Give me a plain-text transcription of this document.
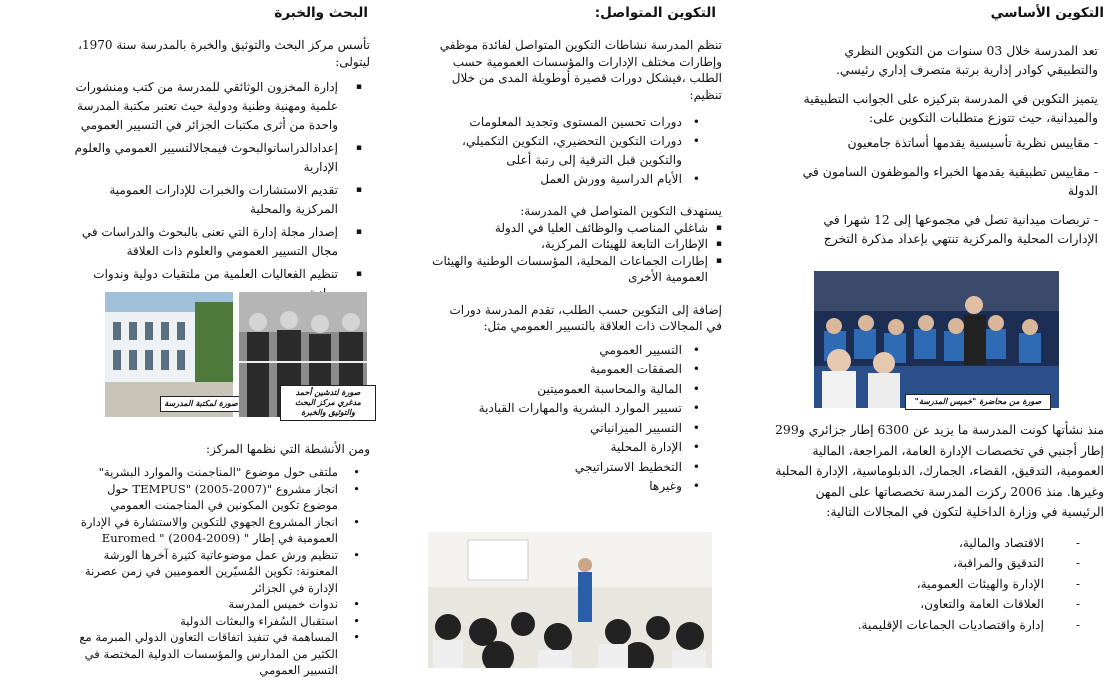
التكوين الأساسي

تعد المدرسة خلال 03 سنوات من التكوين النظري والتطبيقي كوادر إدارية برتبة متصرف إداري رئيسي.

يتميز التكوين في المدرسة بتركيزه على الجوانب التطبيقية والميدانية، حيث تتوزع متطلبات التكوين على:

- مقاييس نظرية تأسيسية يقدمها أساتذة جامعيون

- مقاييس تطبيقية يقدمها الخبراء والموظفون السامون في الدولة

- تربصات ميدانية تصل في مجموعها إلى 12 شهرا في الإدارات المحلية والمركزية تنتهي بإعداد مذكرة التخرج

صورة من محاضرة "خميس المدرسة"

منذ نشأتها كونت المدرسة ما يزيد عن 6300 إطار جزائري و299 إطار أجنبي في تخصصات الإدارة العامة، المراجعة، المالية العمومية، التدقيق، القضاء، الجمارك، الدبلوماسية، الإدارة المحلية وغيرها. منذ 2006 ركزت المدرسة تخصصاتها على المهن الرئيسية في وزارة الداخلية لتكون في المجالات التالية:

- الاقتصاد والمالية،
- التدقيق والمراقبة،
- الإدارة والهيئات العمومية،
- العلاقات العامة والتعاون،
- إدارة واقتصاديات الجماعات الإقليمية.
التكوين المتواصل:

تنظم المدرسة نشاطات التكوين المتواصل لفائدة موظفي وإطارات مختلف الإدارات والمؤسسات العمومية حسب الطلب ،فيشكل دورات قصيرة أوطويلة المدى من خلال تنظيم:

• دورات تحسين المستوى وتجديد المعلومات
• دورات التكوين التحضيري، التكوين التكميلي، والتكوين قبل الترقية إلى رتبة أعلى
• الأيام الدراسية وورش العمل

يستهدف التكوين المتواصل في المدرسة:

▪ شاغلي المناصب والوظائف العليا في الدولة
▪ الإطارات التابعة للهيئات المركزية،
▪ إطارات الجماعات المحلية، المؤسسات الوطنية والهيئات العمومية الأخرى

إضافة إلى التكوين حسب الطلب، تقدم المدرسة دورات في المجالات ذات العلاقة بالتسيير العمومي مثل:

• التسيير العمومي
• الصفقات العمومية
• المالية والمحاسبة العموميتين
• تسيير الموارد البشرية والمهارات القيادية
• التسيير الميزانياتي
• الإدارة المحلية
• التخطيط الاستراتيجي
• وغيرها
البحث والخبرة

تأسس مركز البحث والتوثيق والخبرة بالمدرسة سنة 1970، ليتولى:

▪ إدارة المخزون الوثائقي للمدرسة من كتب ومنشورات علمية ومهنية وطنية ودولية حيث تعتبر مكتبة المدرسة واحدة من أثرى مكتبات الجزائر في التسيير العمومي
▪ إعدادالدراساتوالبحوث فيمجالالتسيير العمومي والعلوم الإدارية
▪ تقديم الاستشارات والخبرات للإدارات العمومية المركزية والمحلية
▪ إصدار مجلة إدارة التي تعنى بالبحوث والدراسات في مجال التسيير العمومي والعلوم ذات العلاقة
▪ تنظيم الفعاليات العلمية من ملتقيات دولية وندوات
صورة لمكتبة المدرسة
صورة لتدشين أحمد مدغري مركز البحث والتوثيق والخبرة

ومن الأنشطة التي نظمها المركز:

• ملتقى حول موضوع "المناجمنت والموارد البشرية"
• انجاز مشروع "TEMPUS" (2005-2007) حول موضوع تكوين المكونين في المناجمنت العمومي
• انجاز المشروع الجهوي للتكوين والاستشارة في الإدارة العمومية في إطار " Euromed " (2004-2009)
• تنظيم ورش عمل موضوعاتية كثيرة آخرها الورشة المعنونة: تكوين المُسيّرين العموميين في زمن عصرنة الإدارة في الجزائر
• ندوات خميس المدرسة
• استقبال السُفراء والبعثات الدولية
• المساهمة في تنفيذ اتفاقات التعاون الدولي المبرمة مع الكثير من المدارس والمؤسسات الدولية المختصة في التسيير العمومي
